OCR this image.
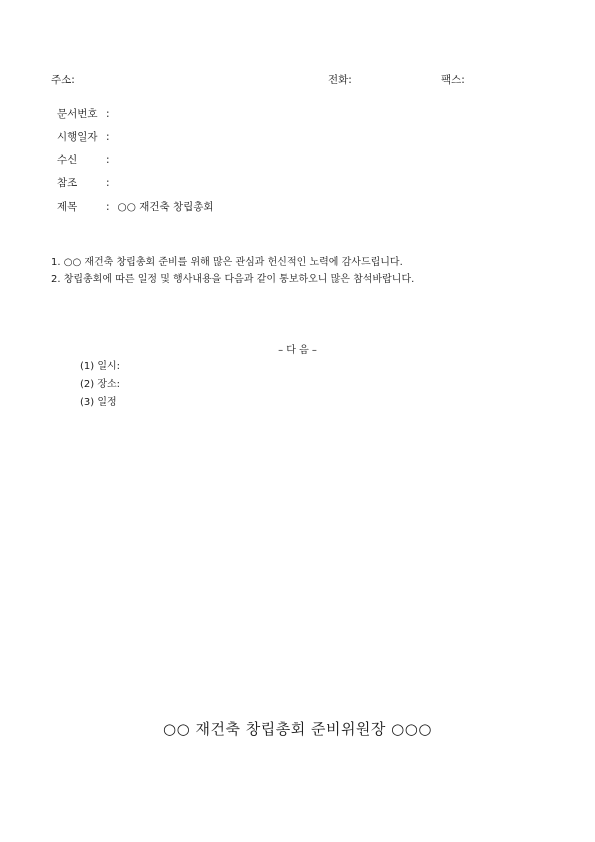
주소:	전화:	팩스:
문서번호 :
시행일자 :
수신	:
참조	:
제목	: ○○ 재건축 창립총회
1. ○○ 재건축 창립총회 준비를 위해 많은 관심과 헌신적인 노력에 감사드립니다.
2. 창립총회에 따른 일정 및 행사내용을 다음과 같이 통보하오니 많은 참석바랍니다.
– 다 음 –
(1) 일시:
(2) 장소:
(3) 일정
○○ 재건축 창립총회 준비위원장 ○○○
